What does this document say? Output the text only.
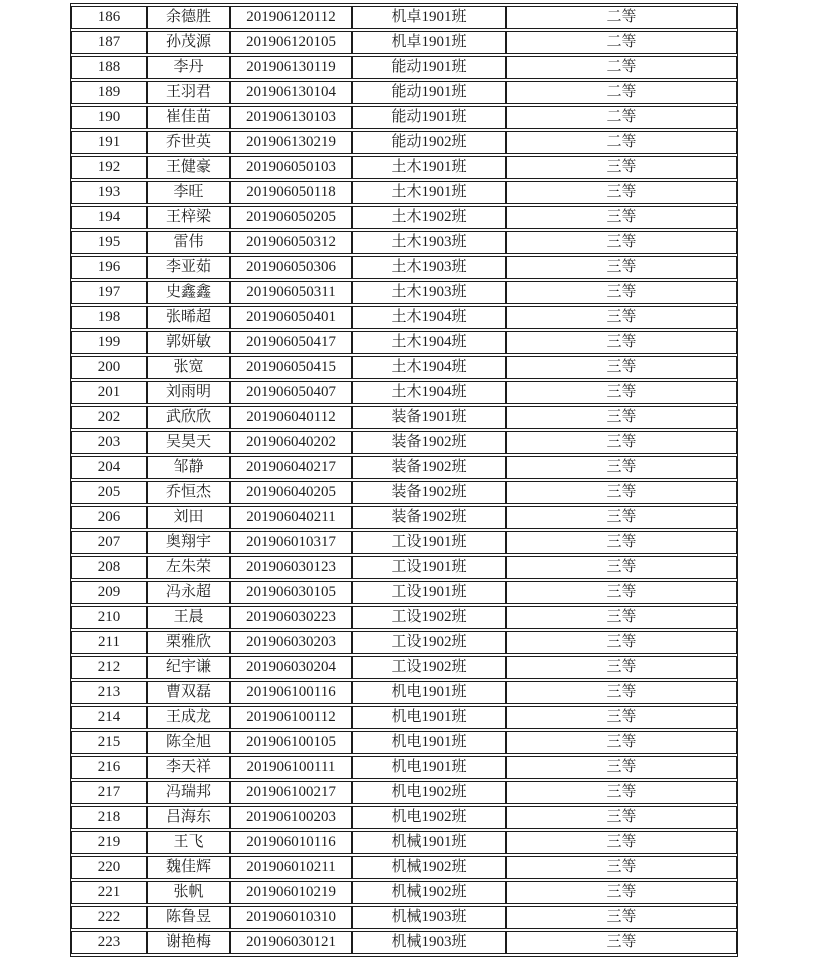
186	余德胜	201906120112	机卓1901班	二等
187	孙茂源	201906120105	机卓1901班	二等
188	李丹	201906130119	能动1901班	二等
189	王羽君	201906130104	能动1901班	二等
190	崔佳苗	201906130103	能动1901班	二等
191	乔世英	201906130219	能动1902班	二等
192	王健豪	201906050103	土木1901班	三等
193	李旺	201906050118	土木1901班	三等
194	王梓梁	201906050205	土木1902班	三等
195	雷伟	201906050312	土木1903班	三等
196	李亚茹	201906050306	土木1903班	三等
197	史鑫鑫	201906050311	土木1903班	三等
198	张晞超	201906050401	土木1904班	三等
199	郭妍敏	201906050417	土木1904班	三等
200	张宽	201906050415	土木1904班	三等
201	刘雨明	201906050407	土木1904班	三等
202	武欣欣	201906040112	装备1901班	三等
203	吴昊天	201906040202	装备1902班	三等
204	邹静	201906040217	装备1902班	三等
205	乔恒杰	201906040205	装备1902班	三等
206	刘田	201906040211	装备1902班	三等
207	奥翔宇	201906010317	工设1901班	三等
208	左朱荣	201906030123	工设1901班	三等
209	冯永超	201906030105	工设1901班	三等
210	王晨	201906030223	工设1902班	三等
211	栗雅欣	201906030203	工设1902班	三等
212	纪宇谦	201906030204	工设1902班	三等
213	曹双磊	201906100116	机电1901班	三等
214	王成龙	201906100112	机电1901班	三等
215	陈全旭	201906100105	机电1901班	三等
216	李天祥	201906100111	机电1901班	三等
217	冯瑞邦	201906100217	机电1902班	三等
218	吕海东	201906100203	机电1902班	三等
219	王飞	201906010116	机械1901班	三等
220	魏佳辉	201906010211	机械1902班	三等
221	张帆	201906010219	机械1902班	三等
222	陈鲁昱	201906010310	机械1903班	三等
223	谢艳梅	201906030121	机械1903班	三等
